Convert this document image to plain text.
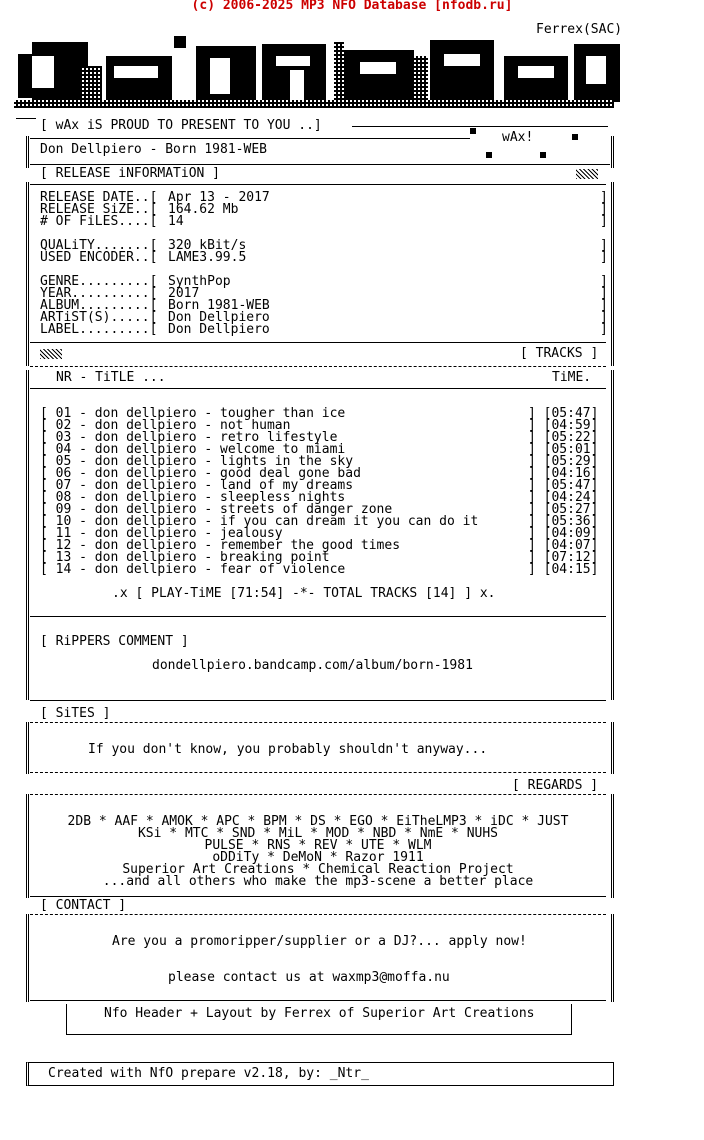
(c) 2006-2025 MP3 NFO Database [nfodb.ru]
Ferrex(SAC)
[ wAx iS PROUD TO PRESENT TO YOU ..]
wAx!
Don Dellpiero - Born 1981-WEB
[ RELEASE iNFORMATiON ]
RELEASE DATE..[ Apr 13 - 2017	]
RELEASE SiZE..[ 164.62 Mb	]
# OF FiLES....[ 14	]
QUALiTY.......[ 320 kBit/s	]
USED ENCODER..[ LAME3.99.5	]
GENRE.........[ SynthPop	]
YEAR..........[ 2017	]
ALBUM.........[ Born 1981-WEB	]
ARTiST(S).....[ Don Dellpiero	]
LABEL.........[ Don Dellpiero	]
[ TRACKS ]
NR - TiTLE ...	TiME.
[ 01 - don dellpiero - tougher than ice	] [05:47]
[ 02 - don dellpiero - not human	] [04:59]
[ 03 - don dellpiero - retro lifestyle	] [05:22]
[ 04 - don dellpiero - welcome to miami	] [05:01]
[ 05 - don dellpiero - lights in the sky	] [05:29]
[ 06 - don dellpiero - good deal gone bad	] [04:16]
[ 07 - don dellpiero - land of my dreams	] [05:47]
[ 08 - don dellpiero - sleepless nights	] [04:24]
[ 09 - don dellpiero - streets of danger zone	] [05:27]
[ 10 - don dellpiero - if you can dream it you can do it	] [05:36]
[ 11 - don dellpiero - jealousy	] [04:09]
[ 12 - don dellpiero - remember the good times	] [04:07]
[ 13 - don dellpiero - breaking point	] [07:12]
[ 14 - don dellpiero - fear of violence	] [04:15]
.x [ PLAY-TiME [71:54] -*- TOTAL TRACKS [14] ] x.
[ RiPPERS COMMENT ]
dondellpiero.bandcamp.com/album/born-1981
[ SiTES ]
If you don't know, you probably shouldn't anyway...
[ REGARDS ]
2DB * AAF * AMOK * APC * BPM * DS * EGO * EiTheLMP3 * iDC * JUST
KSi * MTC * SND * MiL * MOD * NBD * NmE * NUHS
PULSE * RNS * REV * UTE * WLM
oDDiTy * DeMoN * Razor 1911
Superior Art Creations * Chemical Reaction Project
...and all others who make the mp3-scene a better place
[ CONTACT ]
Are you a promoripper/supplier or a DJ?... apply now!
please contact us at waxmp3@moffa.nu
Nfo Header + Layout by Ferrex of Superior Art Creations
Created with NfO prepare v2.18, by: _Ntr_
